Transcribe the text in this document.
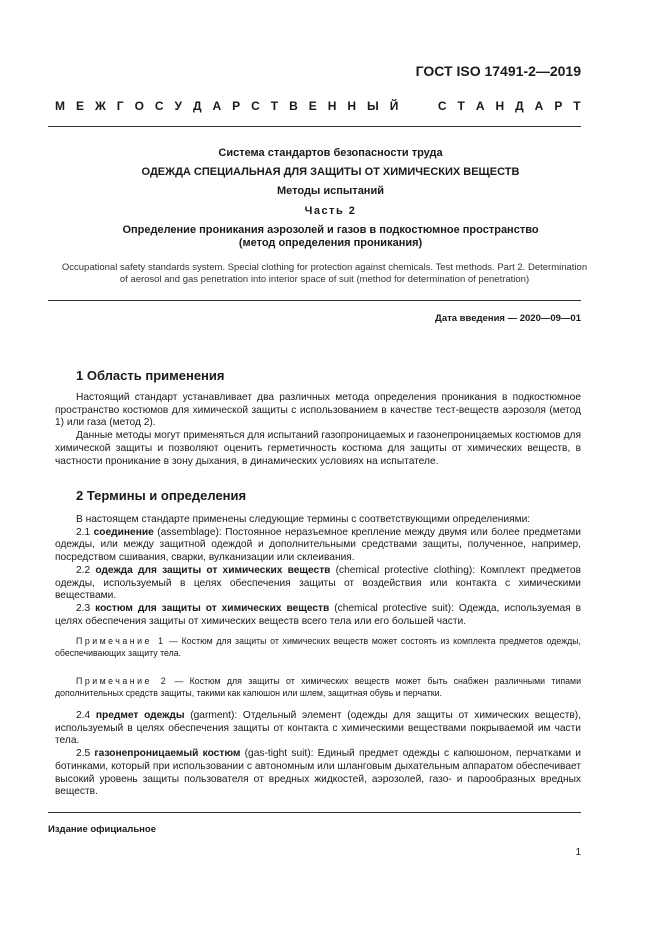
ГОСТ ISO 17491-2—2019
М Е Ж Г О С У Д А Р С Т В Е Н Н Ы Й

	С Т А Н Д А Р Т
Система стандартов безопасности труда
ОДЕЖДА СПЕЦИАЛЬНАЯ ДЛЯ ЗАЩИТЫ ОТ ХИМИЧЕСКИХ ВЕЩЕСТВ
Методы испытаний
Часть 2
Определение проникания аэрозолей и газов в подкостюмное пространство
(метод определения проникания)
Occupational safety standards system. Special clothing for protection against chemicals. Test methods. Part 2. Determination of aerosol and gas penetration into interior space of suit (method for determination of penetration)
Дата введения — 2020—09—01
1 Область применения

Настоящий стандарт устанавливает два различных метода определения проникания в подкостюмное пространство костюмов для химической защиты с использованием в качестве тест-веществ аэрозоля (метод 1) или газа (метод 2).

Данные методы могут применяться для испытаний газопроницаемых и газонепроницаемых костюмов для химической защиты и позволяют оценить герметичность костюма для защиты от химических веществ, в частности проникание в зону дыхания, в динамических условиях на испытателе.

2 Термины и определения

В настоящем стандарте применены следующие термины с соответствующими определениями:

2.1 соединение (assemblage): Постоянное неразъемное крепление между двумя или более предметами одежды, или между защитной одеждой и дополнительными средствами защиты, полученное, например, посредством сшивания, сварки, вулканизации или склеивания.

2.2 одежда для защиты от химических веществ (chemical protective clothing): Комплект предметов одежды, используемый в целях обеспечения защиты от воздействия или контакта с химическими веществами.

2.3 костюм для защиты от химических веществ (chemical protective suit): Одежда, используемая в целях обеспечения защиты от химических веществ всего тела или его большей части.

Примечание 1 — Костюм для защиты от химических веществ может состоять из комплекта предметов одежды, обеспечивающих защиту тела.

Примечание 2 — Костюм для защиты от химических веществ может быть снабжен различными типами дополнительных средств защиты, такими как капюшон или шлем, защитная обувь и перчатки.

2.4 предмет одежды (garment): Отдельный элемент (одежды для защиты от химических веществ), используемый в целях обеспечения защиты от контакта с химическими веществами покрываемой им части тела.

2.5 газонепроницаемый костюм (gas-tight suit): Единый предмет одежды с капюшоном, перчатками и ботинками, который при использовании с автономным или шланговым дыхательным аппаратом обеспечивает высокий уровень защиты пользователя от вредных жидкостей, аэрозолей, газо- и парообразных вредных веществ.

Издание официальное
1
